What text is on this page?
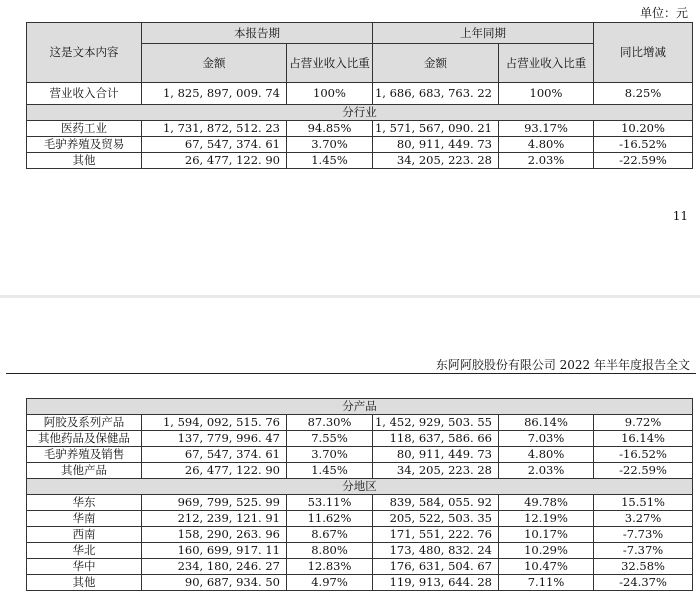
单位：元
这是文本内容	本报告期		上年同期		同比增减
	金额	占营业收入比重	金额	占营业收入比重	
营业收入合计	1, 825, 897, 009. 74	100%	1, 686, 683, 763. 22	100%	8.25%
分行业					
医药工业	1, 731, 872, 512. 23	94.85%	1, 571, 567, 090. 21	93.17%	10.20%
毛驴养殖及贸易	67, 547, 374. 61	3.70%	80, 911, 449. 73	4.80%	-16.52%
其他	26, 477, 122. 90	1.45%	34, 205, 223. 28	2.03%	-22.59%
11
东阿阿胶股份有限公司 2022 年半年度报告全文
分产品					
阿胶及系列产品	1, 594, 092, 515. 76	87.30%	1, 452, 929, 503. 55	86.14%	9.72%
其他药品及保健品	137, 779, 996. 47	7.55%	118, 637, 586. 66	7.03%	16.14%
毛驴养殖及销售	67, 547, 374. 61	3.70%	80, 911, 449. 73	4.80%	-16.52%
其他产品	26, 477, 122. 90	1.45%	34, 205, 223. 28	2.03%	-22.59%
分地区					
华东	969, 799, 525. 99	53.11%	839, 584, 055. 92	49.78%	15.51%
华南	212, 239, 121. 91	11.62%	205, 522, 503. 35	12.19%	3.27%
西南	158, 290, 263. 96	8.67%	171, 551, 222. 76	10.17%	-7.73%
华北	160, 699, 917. 11	8.80%	173, 480, 832. 24	10.29%	-7.37%
华中	234, 180, 246. 27	12.83%	176, 631, 504. 67	10.47%	32.58%
其他	90, 687, 934. 50	4.97%	119, 913, 644. 28	7.11%	-24.37%
